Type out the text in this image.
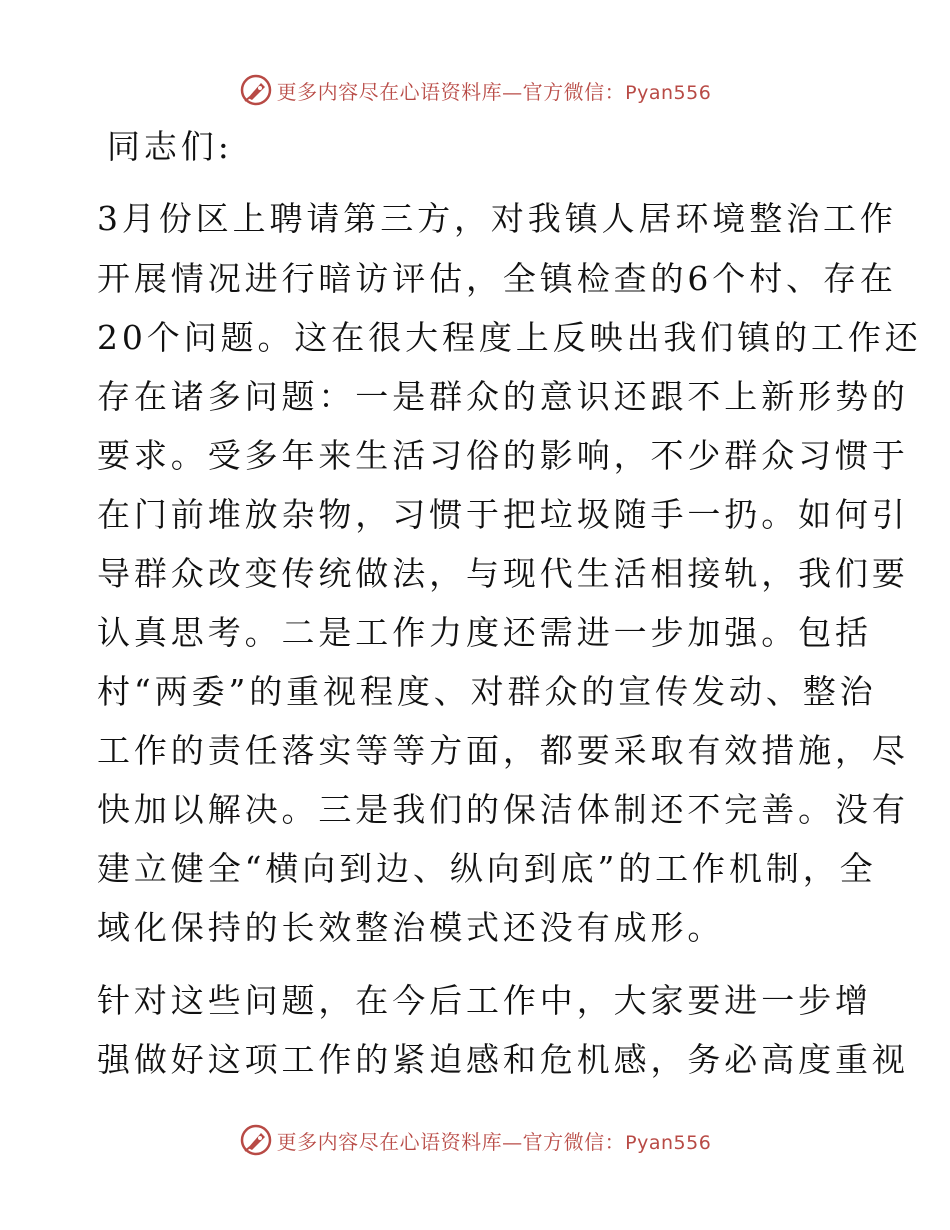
更多内容尽在心语资料库—官方微信：Pyan556
同志们:
3月份区上聘请第三方，对我镇人居环境整治工作
开展情况进行暗访评估，全镇检查的6个村、存在
20个问题。这在很大程度上反映出我们镇的工作还
存在诸多问题：一是群众的意识还跟不上新形势的
要求。受多年来生活习俗的影响，不少群众习惯于
在门前堆放杂物，习惯于把垃圾随手一扔。如何引
导群众改变传统做法，与现代生活相接轨，我们要
认真思考。二是工作力度还需进一步加强。包括
村“两委”的重视程度、对群众的宣传发动、整治
工作的责任落实等等方面，都要采取有效措施，尽
快加以解决。三是我们的保洁体制还不完善。没有
建立健全“横向到边、纵向到底”的工作机制，全
域化保持的长效整治模式还没有成形。
针对这些问题，在今后工作中，大家要进一步增
强做好这项工作的紧迫感和危机感，务必高度重视
更多内容尽在心语资料库—官方微信：Pyan556
